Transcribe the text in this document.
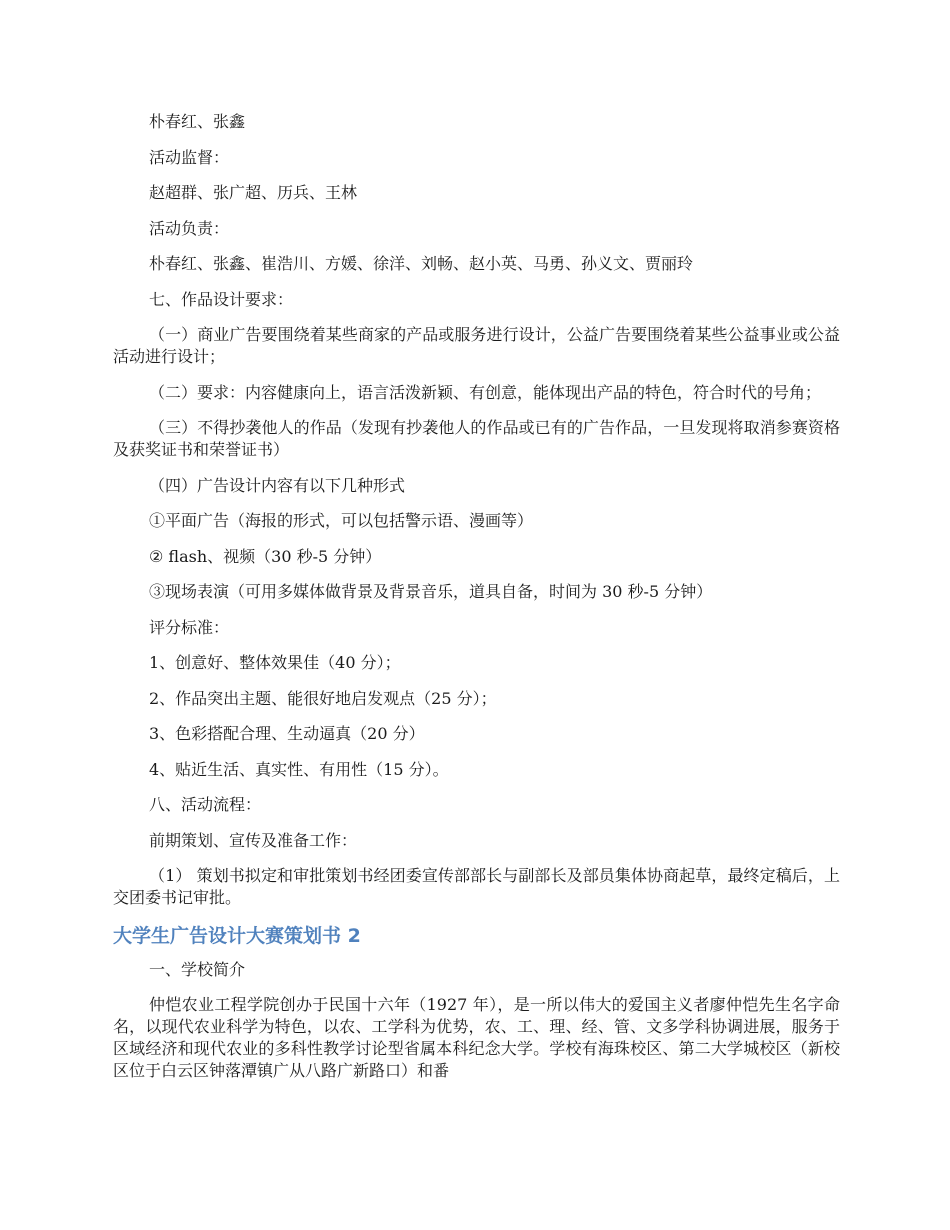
朴春红、张鑫

活动监督：

赵超群、张广超、历兵、王林

活动负责：

朴春红、张鑫、崔浩川、方媛、徐洋、刘畅、赵小英、马勇、孙义文、贾丽玲

七、作品设计要求：

（一）商业广告要围绕着某些商家的产品或服务进行设计，公益广告要围绕着某些公益事业或公益活动进行设计；

（二）要求：内容健康向上，语言活泼新颖、有创意，能体现出产品的特色，符合时代的号角；

（三）不得抄袭他人的作品（发现有抄袭他人的作品或已有的广告作品，一旦发现将取消参赛资格及获奖证书和荣誉证书）

（四）广告设计内容有以下几种形式

①平面广告（海报的形式，可以包括警示语、漫画等）

② flash、视频（30 秒-5 分钟）

③现场表演（可用多媒体做背景及背景音乐，道具自备，时间为 30 秒-5 分钟）

评分标准：

1、创意好、整体效果佳（40 分）；

2、作品突出主题、能很好地启发观点（25 分）；

3、色彩搭配合理、生动逼真（20 分）

4、贴近生活、真实性、有用性（15 分）。

八、活动流程：

前期策划、宣传及准备工作：

（1） 策划书拟定和审批策划书经团委宣传部部长与副部长及部员集体协商起草，最终定稿后，上交团委书记审批。

大学生广告设计大赛策划书 2

一、学校简介

仲恺农业工程学院创办于民国十六年（1927 年），是一所以伟大的爱国主义者廖仲恺先生名字命名，以现代农业科学为特色，以农、工学科为优势，农、工、理、经、管、文多学科协调进展，服务于区域经济和现代农业的多科性教学讨论型省属本科纪念大学。学校有海珠校区、第二大学城校区（新校区位于白云区钟落潭镇广从八路广新路口）和番
